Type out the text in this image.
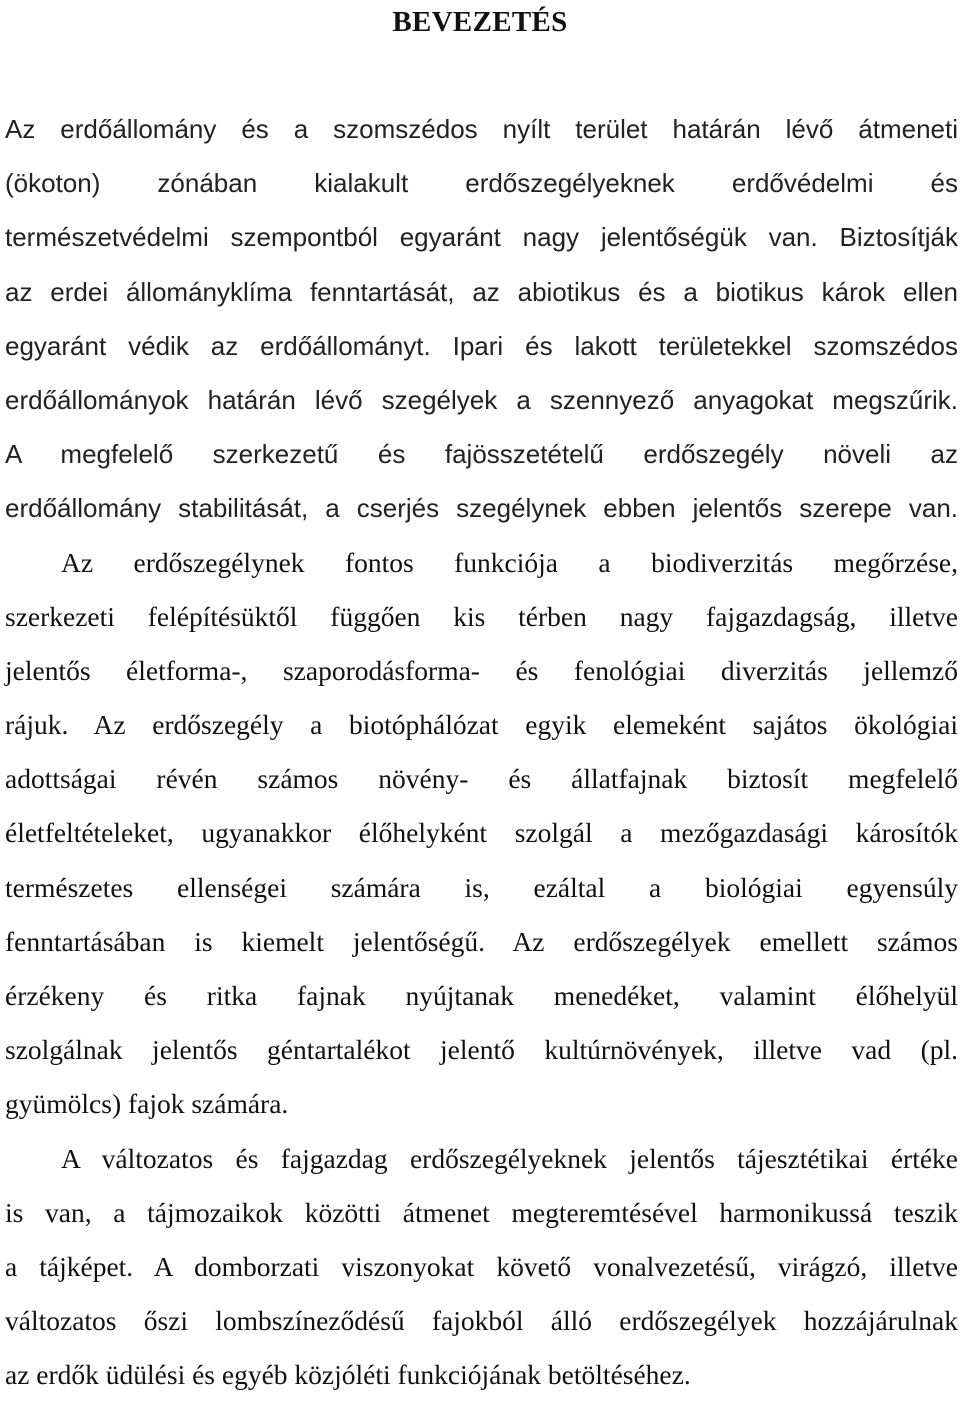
BEVEZETÉS
Az erdőállomány és a szomszédos nyílt terület határán lévő átmeneti
(ökoton) zónában kialakult erdőszegélyeknek erdővédelmi és
természetvédelmi szempontból egyaránt nagy jelentőségük van. Biztosítják
az erdei állományklíma fenntartását, az abiotikus és a biotikus károk ellen
egyaránt védik az erdőállományt. Ipari és lakott területekkel szomszédos
erdőállományok határán lévő szegélyek a szennyező anyagokat megszűrik.
A megfelelő szerkezetű és fajösszetételű erdőszegély növeli az
erdőállomány stabilitását, a cserjés szegélynek ebben jelentős szerepe van.
Az erdőszegélynek fontos funkciója a biodiverzitás megőrzése,
szerkezeti felépítésüktől függően kis térben nagy fajgazdagság, illetve
jelentős életforma-, szaporodásforma- és fenológiai diverzitás jellemző
rájuk. Az erdőszegély a biotóphálózat egyik elemeként sajátos ökológiai
adottságai révén számos növény- és állatfajnak biztosít megfelelő
életfeltételeket, ugyanakkor élőhelyként szolgál a mezőgazdasági károsítók
természetes ellenségei számára is, ezáltal a biológiai egyensúly
fenntartásában is kiemelt jelentőségű. Az erdőszegélyek emellett számos
érzékeny és ritka fajnak nyújtanak menedéket, valamint élőhelyül
szolgálnak jelentős géntartalékot jelentő kultúrnövények, illetve vad (pl.
gyümölcs) fajok számára.
A változatos és fajgazdag erdőszegélyeknek jelentős tájesztétikai értéke
is van, a tájmozaikok közötti átmenet megteremtésével harmonikussá teszik
a tájképet. A domborzati viszonyokat követő vonalvezetésű, virágzó, illetve
változatos őszi lombszíneződésű fajokból álló erdőszegélyek hozzájárulnak
az erdők üdülési és egyéb közjóléti funkciójának betöltéséhez.
